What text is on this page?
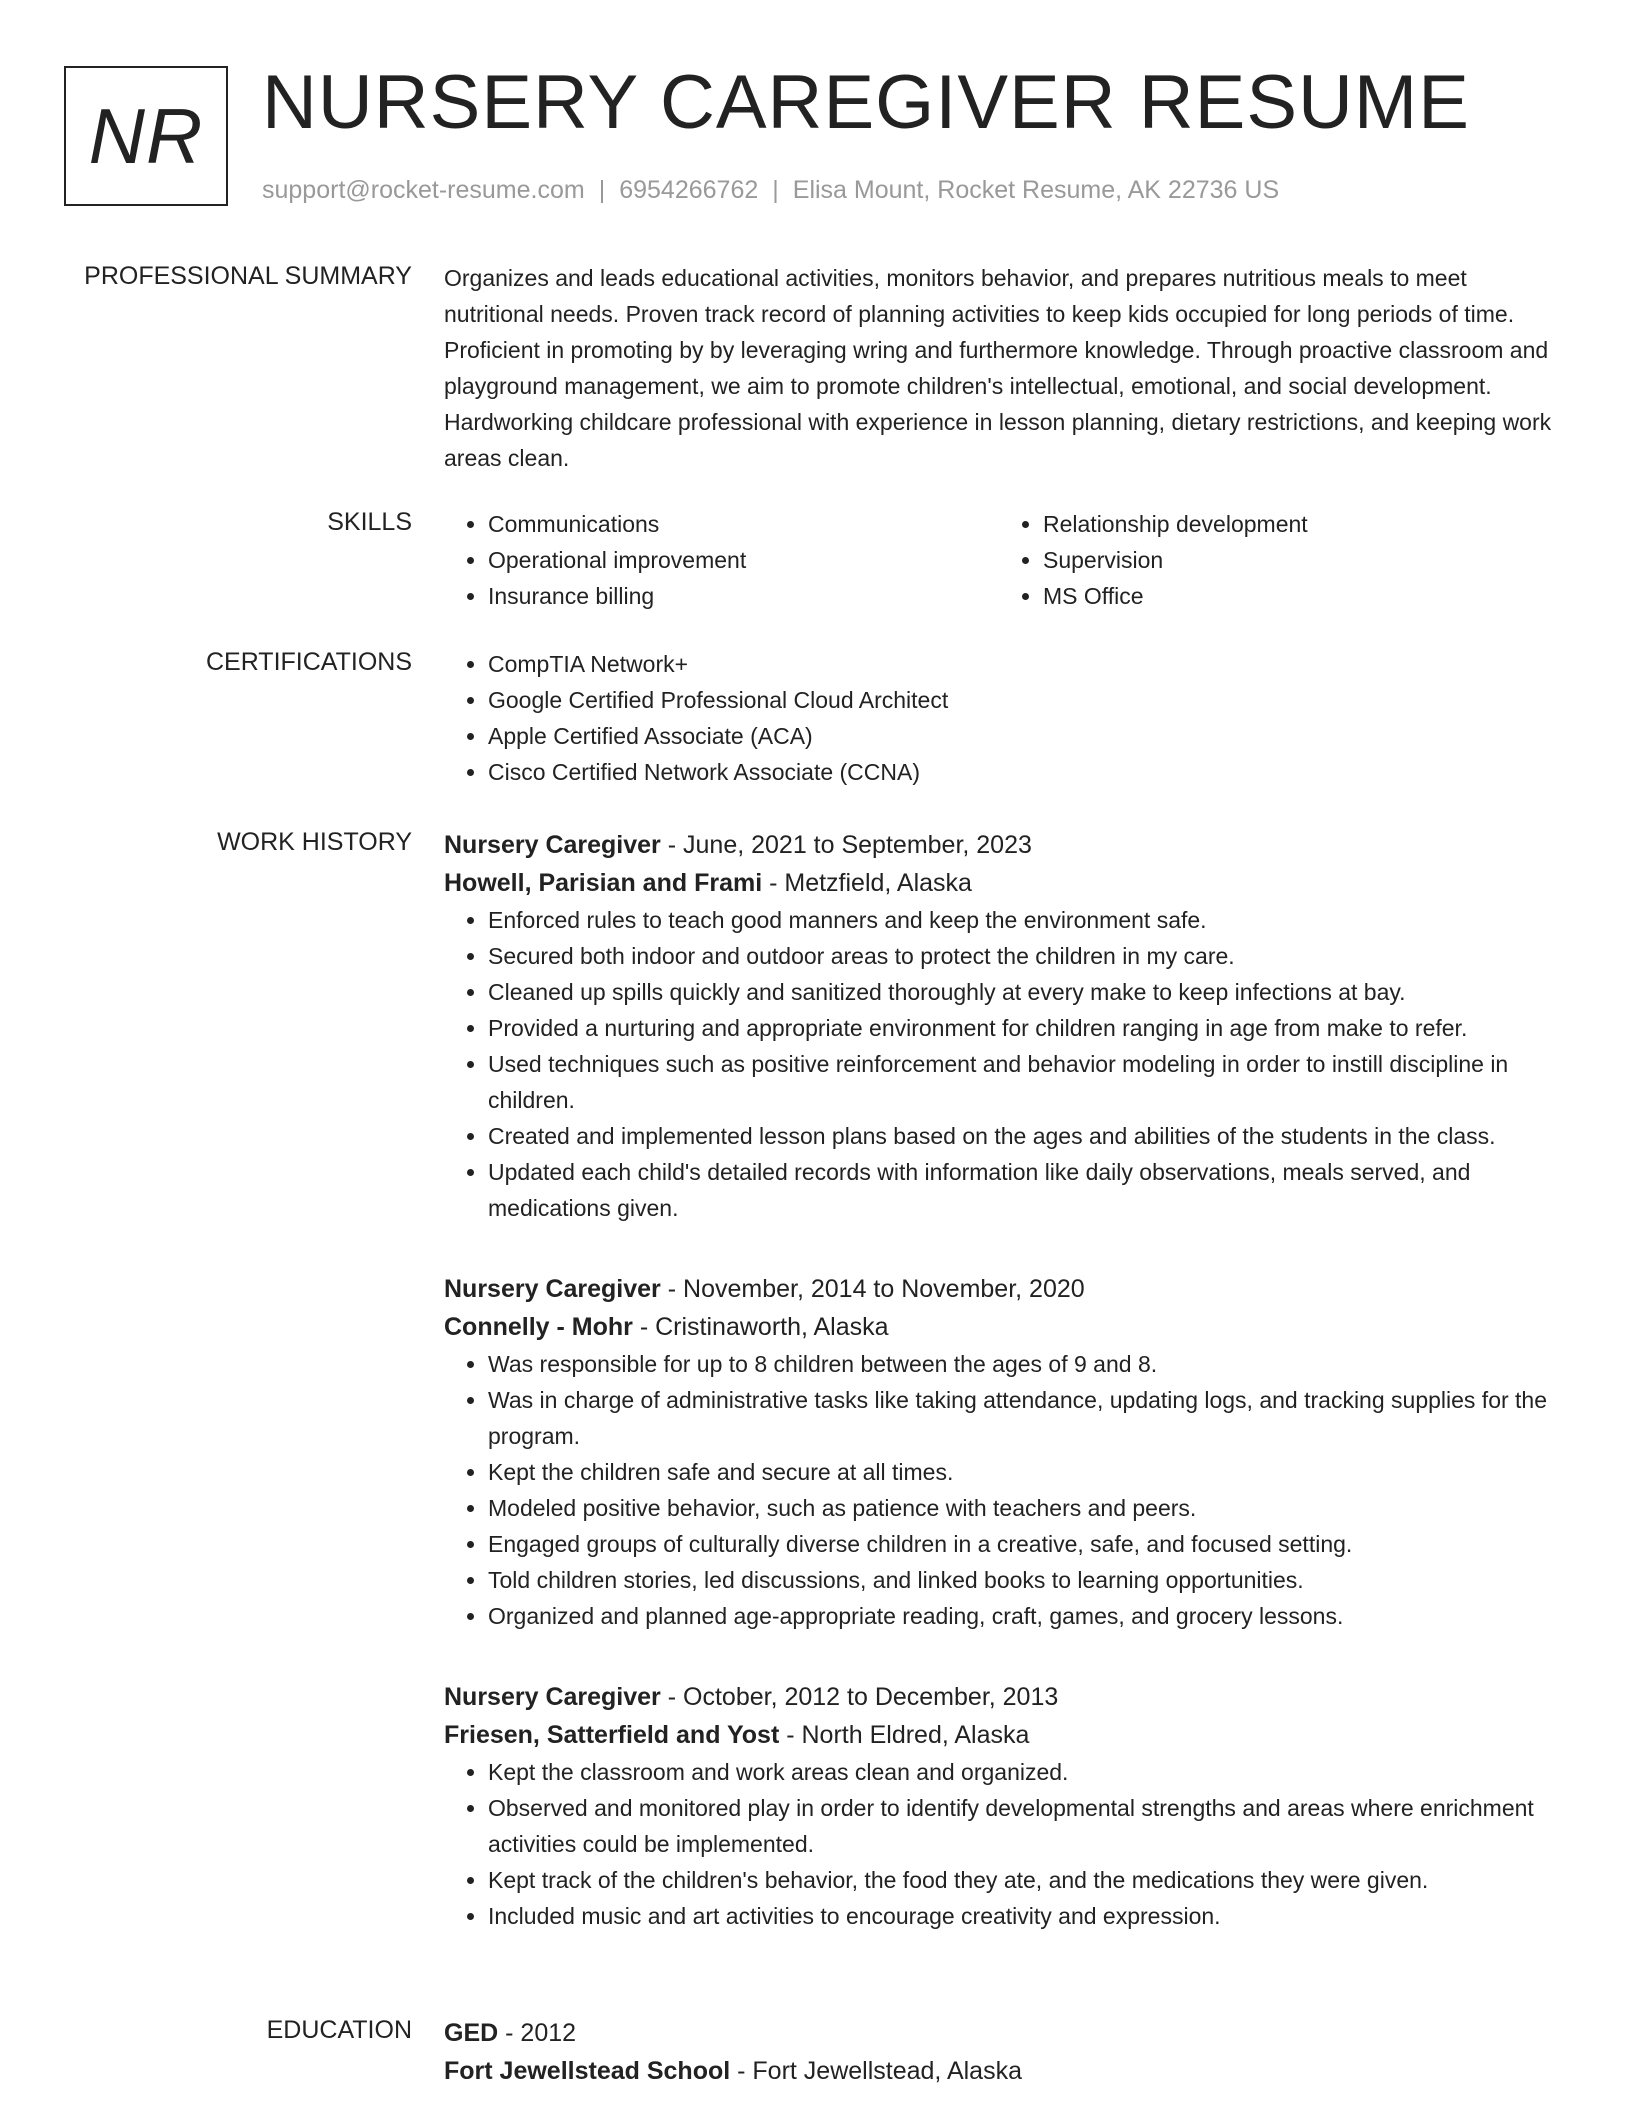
NR NURSERY CAREGIVER RESUME
support@rocket-resume.com | 6954266762 | Elisa Mount, Rocket Resume, AK 22736 US
PROFESSIONAL SUMMARY Organizes and leads educational activities, monitors behavior, and prepares nutritious meals to meet nutritional needs. Proven track record of planning activities to keep kids occupied for long periods of time. Proficient in promoting by by leveraging wring and furthermore knowledge. Through proactive classroom and playground management, we aim to promote children's intellectual, emotional, and social development. Hardworking childcare professional with experience in lesson planning, dietary restrictions, and keeping work areas clean.

SKILLS	• Communications
• Operational improvement
• Insurance billing
• Relationship development
• Supervision
• MS Office
CERTIFICATIONS	• CompTIA Network+
• Google Certified Professional Cloud Architect
• Apple Certified Associate (ACA)
• Cisco Certified Network Associate (CCNA)
WORK HISTORY Nursery Caregiver - June, 2021 to September, 2023
Howell, Parisian and Frami - Metzfield, Alaska
• Enforced rules to teach good manners and keep the environment safe.
• Secured both indoor and outdoor areas to protect the children in my care.
• Cleaned up spills quickly and sanitized thoroughly at every make to keep infections at bay.
• Provided a nurturing and appropriate environment for children ranging in age from make to refer.
• Used techniques such as positive reinforcement and behavior modeling in order to instill discipline in children.
• Created and implemented lesson plans based on the ages and abilities of the students in the class.
• Updated each child's detailed records with information like daily observations, meals served, and medications given.
Nursery Caregiver - November, 2014 to November, 2020
Connelly - Mohr - Cristinaworth, Alaska
• Was responsible for up to 8 children between the ages of 9 and 8.
• Was in charge of administrative tasks like taking attendance, updating logs, and tracking supplies for the program.
• Kept the children safe and secure at all times.
• Modeled positive behavior, such as patience with teachers and peers.
• Engaged groups of culturally diverse children in a creative, safe, and focused setting.
• Told children stories, led discussions, and linked books to learning opportunities.
• Organized and planned age-appropriate reading, craft, games, and grocery lessons.
Nursery Caregiver - October, 2012 to December, 2013
Friesen, Satterfield and Yost - North Eldred, Alaska
• Kept the classroom and work areas clean and organized.
• Observed and monitored play in order to identify developmental strengths and areas where enrichment activities could be implemented.
• Kept track of the children's behavior, the food they ate, and the medications they were given.
• Included music and art activities to encourage creativity and expression.
EDUCATION GED - 2012
Fort Jewellstead School - Fort Jewellstead, Alaska
